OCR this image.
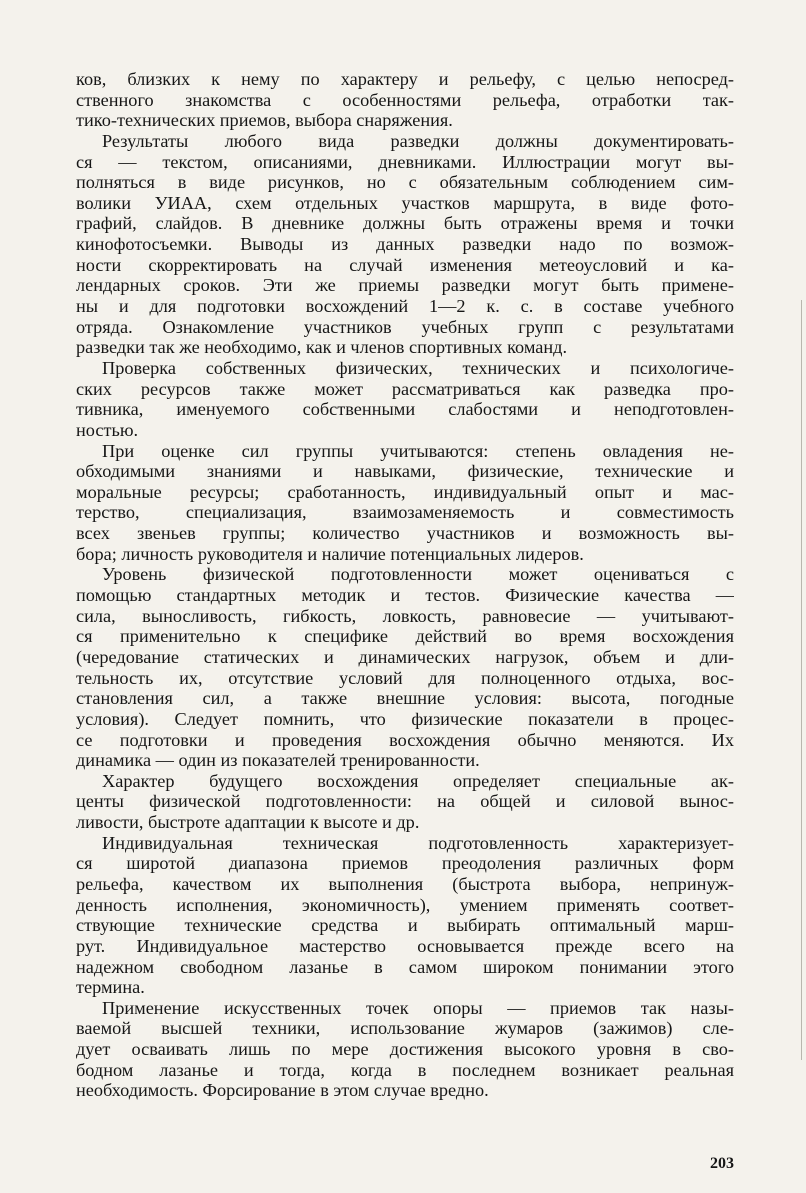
ков, близких к нему по характеру и рельефу, с целью непосред-
ственного знакомства с особенностями рельефа, отработки так-
тико-технических приемов, выбора снаряжения.
Результаты любого вида разведки должны документировать-
ся — текстом, описаниями, дневниками. Иллюстрации могут вы-
полняться в виде рисунков, но с обязательным соблюдением сим-
волики УИАА, схем отдельных участков маршрута, в виде фото-
графий, слайдов. В дневнике должны быть отражены время и точки
кинофотосъемки. Выводы из данных разведки надо по возмож-
ности скорректировать на случай изменения метеоусловий и ка-
лендарных сроков. Эти же приемы разведки могут быть примене-
ны и для подготовки восхождений 1—2 к. с. в составе учебного
отряда. Ознакомление участников учебных групп с результатами
разведки так же необходимо, как и членов спортивных команд.
Проверка собственных физических, технических и психологиче-
ских ресурсов также может рассматриваться как разведка про-
тивника, именуемого собственными слабостями и неподготовлен-
ностью.
При оценке сил группы учитываются: степень овладения не-
обходимыми знаниями и навыками, физические, технические и
моральные ресурсы; сработанность, индивидуальный опыт и мас-
терство, специализация, взаимозаменяемость и совместимость
всех звеньев группы; количество участников и возможность вы-
бора; личность руководителя и наличие потенциальных лидеров.
Уровень физической подготовленности может оцениваться с
помощью стандартных методик и тестов. Физические качества —
сила, выносливость, гибкость, ловкость, равновесие — учитывают-
ся применительно к специфике действий во время восхождения
(чередование статических и динамических нагрузок, объем и дли-
тельность их, отсутствие условий для полноценного отдыха, вос-
становления сил, а также внешние условия: высота, погодные
условия). Следует помнить, что физические показатели в процес-
се подготовки и проведения восхождения обычно меняются. Их
динамика — один из показателей тренированности.
Характер будущего восхождения определяет специальные ак-
центы физической подготовленности: на общей и силовой вынос-
ливости, быстроте адаптации к высоте и др.
Индивидуальная техническая подготовленность характеризует-
ся широтой диапазона приемов преодоления различных форм
рельефа, качеством их выполнения (быстрота выбора, непринуж-
денность исполнения, экономичность), умением применять соответ-
ствующие технические средства и выбирать оптимальный марш-
рут. Индивидуальное мастерство основывается прежде всего на
надежном свободном лазанье в самом широком понимании этого
термина.
Применение искусственных точек опоры — приемов так назы-
ваемой высшей техники, использование жумаров (зажимов) сле-
дует осваивать лишь по мере достижения высокого уровня в сво-
бодном лазанье и тогда, когда в последнем возникает реальная
необходимость. Форсирование в этом случае вредно.
203
